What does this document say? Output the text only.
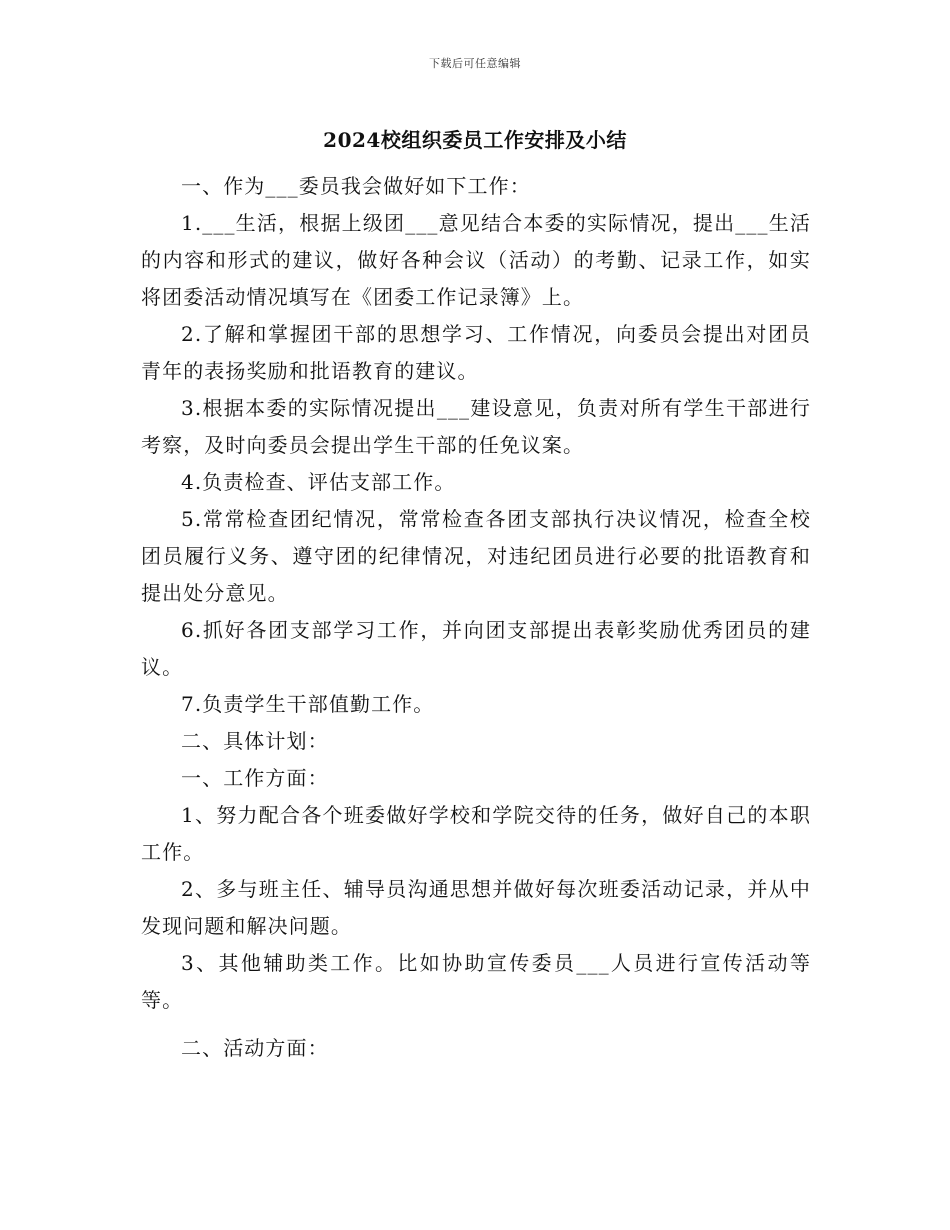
下载后可任意编辑
2024校组织委员工作安排及小结

一、作为___委员我会做好如下工作：

1.___生活，根据上级团___意见结合本委的实际情况，提出___生活的内容和形式的建议，做好各种会议（活动）的考勤、记录工作，如实将团委活动情况填写在《团委工作记录簿》上。

2.了解和掌握团干部的思想学习、工作情况，向委员会提出对团员青年的表扬奖励和批语教育的建议。

3.根据本委的实际情况提出___建设意见，负责对所有学生干部进行考察，及时向委员会提出学生干部的任免议案。

4.负责检查、评估支部工作。

5.常常检查团纪情况，常常检查各团支部执行决议情况，检查全校团员履行义务、遵守团的纪律情况，对违纪团员进行必要的批语教育和提出处分意见。

6.抓好各团支部学习工作，并向团支部提出表彰奖励优秀团员的建议。

7.负责学生干部值勤工作。

二、具体计划：

一、工作方面：

1、努力配合各个班委做好学校和学院交待的任务，做好自己的本职工作。

2、多与班主任、辅导员沟通思想并做好每次班委活动记录，并从中发现问题和解决问题。

3、其他辅助类工作。比如协助宣传委员___人员进行宣传活动等等。

二、活动方面：
